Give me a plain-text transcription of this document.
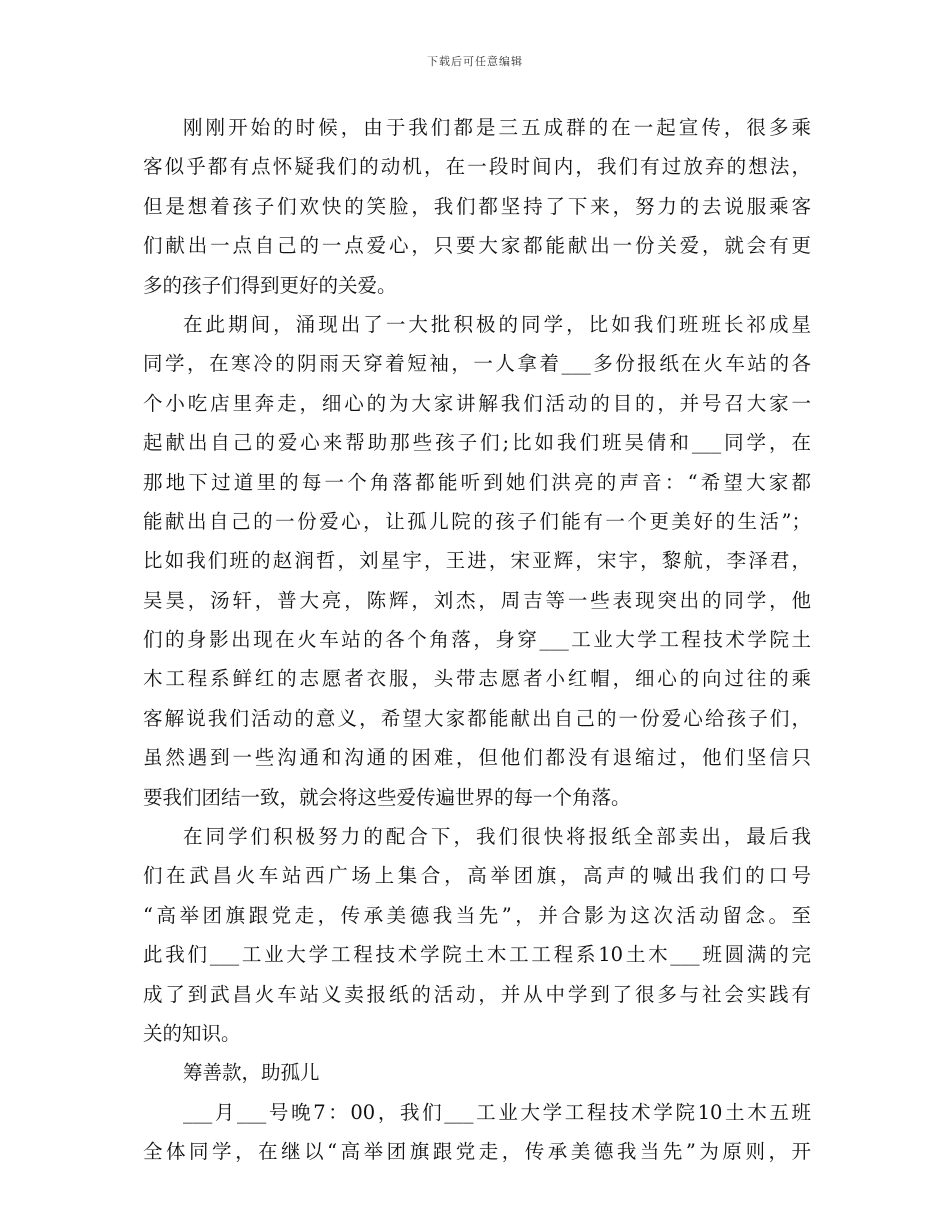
下载后可任意编辑
刚刚开始的时候，由于我们都是三五成群的在一起宣传，很多乘
客似乎都有点怀疑我们的动机，在一段时间内，我们有过放弃的想法，
但是想着孩子们欢快的笑脸，我们都坚持了下来，努力的去说服乘客
们献出一点自己的一点爱心，只要大家都能献出一份关爱，就会有更
多的孩子们得到更好的关爱。
在此期间，涌现出了一大批积极的同学，比如我们班班长祁成星
同学，在寒冷的阴雨天穿着短袖，一人拿着___多份报纸在火车站的各
个小吃店里奔走，细心的为大家讲解我们活动的目的，并号召大家一
起献出自己的爱心来帮助那些孩子们;比如我们班吴倩和___同学，在
那地下过道里的每一个角落都能听到她们洪亮的声音：“希望大家都
能献出自己的一份爱心，让孤儿院的孩子们能有一个更美好的生活”；
比如我们班的赵润哲，刘星宇，王进，宋亚辉，宋宇，黎航，李泽君，
吴昊，汤轩，普大亮，陈辉，刘杰，周吉等一些表现突出的同学，他
们的身影出现在火车站的各个角落，身穿___工业大学工程技术学院土
木工程系鲜红的志愿者衣服，头带志愿者小红帽，细心的向过往的乘
客解说我们活动的意义，希望大家都能献出自己的一份爱心给孩子们，
虽然遇到一些沟通和沟通的困难，但他们都没有退缩过，他们坚信只
要我们团结一致，就会将这些爱传遍世界的每一个角落。
在同学们积极努力的配合下，我们很快将报纸全部卖出，最后我
们在武昌火车站西广场上集合，高举团旗，高声的喊出我们的口号
“高举团旗跟党走，传承美德我当先”，并合影为这次活动留念。至
此我们___工业大学工程技术学院土木工工程系10土木___班圆满的完
成了到武昌火车站义卖报纸的活动，并从中学到了很多与社会实践有
关的知识。
筹善款，助孤儿
___月___号晚7：00，我们___工业大学工程技术学院10土木五班
全体同学，在继以“高举团旗跟党走，传承美德我当先”为原则，开
